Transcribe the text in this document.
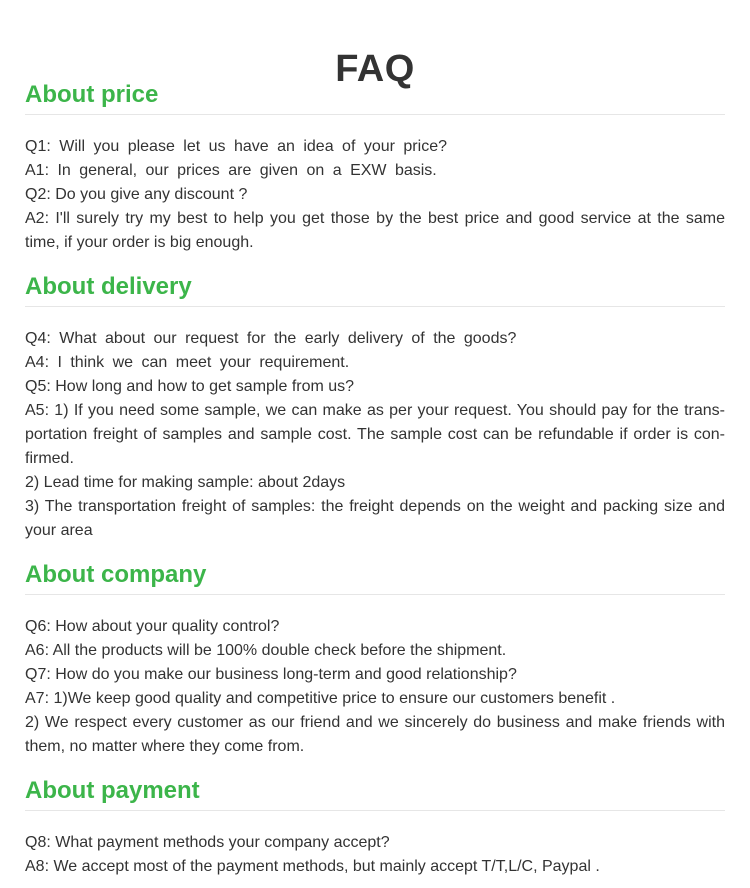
FAQ
About price
Q1: Will you please let us have an idea of your price?
A1: In general, our prices are given on a EXW basis.
Q2: Do you give any discount ?
A2: I'll surely try my best to help you get those by the best price and good service at the same time, if your order is big enough.
About delivery
Q4: What about our request for the early delivery of the goods?
A4: I think we can meet your requirement.
Q5: How long and how to get sample from us?
A5: 1) If you need some sample, we can make as per your request. You should pay for the trans-portation freight of samples and sample cost. The sample cost can be refundable if order is con-firmed.
2) Lead time for making sample: about 2days
3) The transportation freight of samples: the freight depends on the weight and packing size and your area
About company
Q6: How about your quality control?
A6: All the products will be 100% double check before the shipment.
Q7: How do you make our business long-term and good relationship?
A7: 1)We keep good quality and competitive price to ensure our customers benefit .
2) We respect every customer as our friend and we sincerely do business and make friends with them, no matter where they come from.
About payment
Q8: What payment methods your company accept?
A8: We accept most of the payment methods, but mainly accept T/T,L/C, Paypal .
